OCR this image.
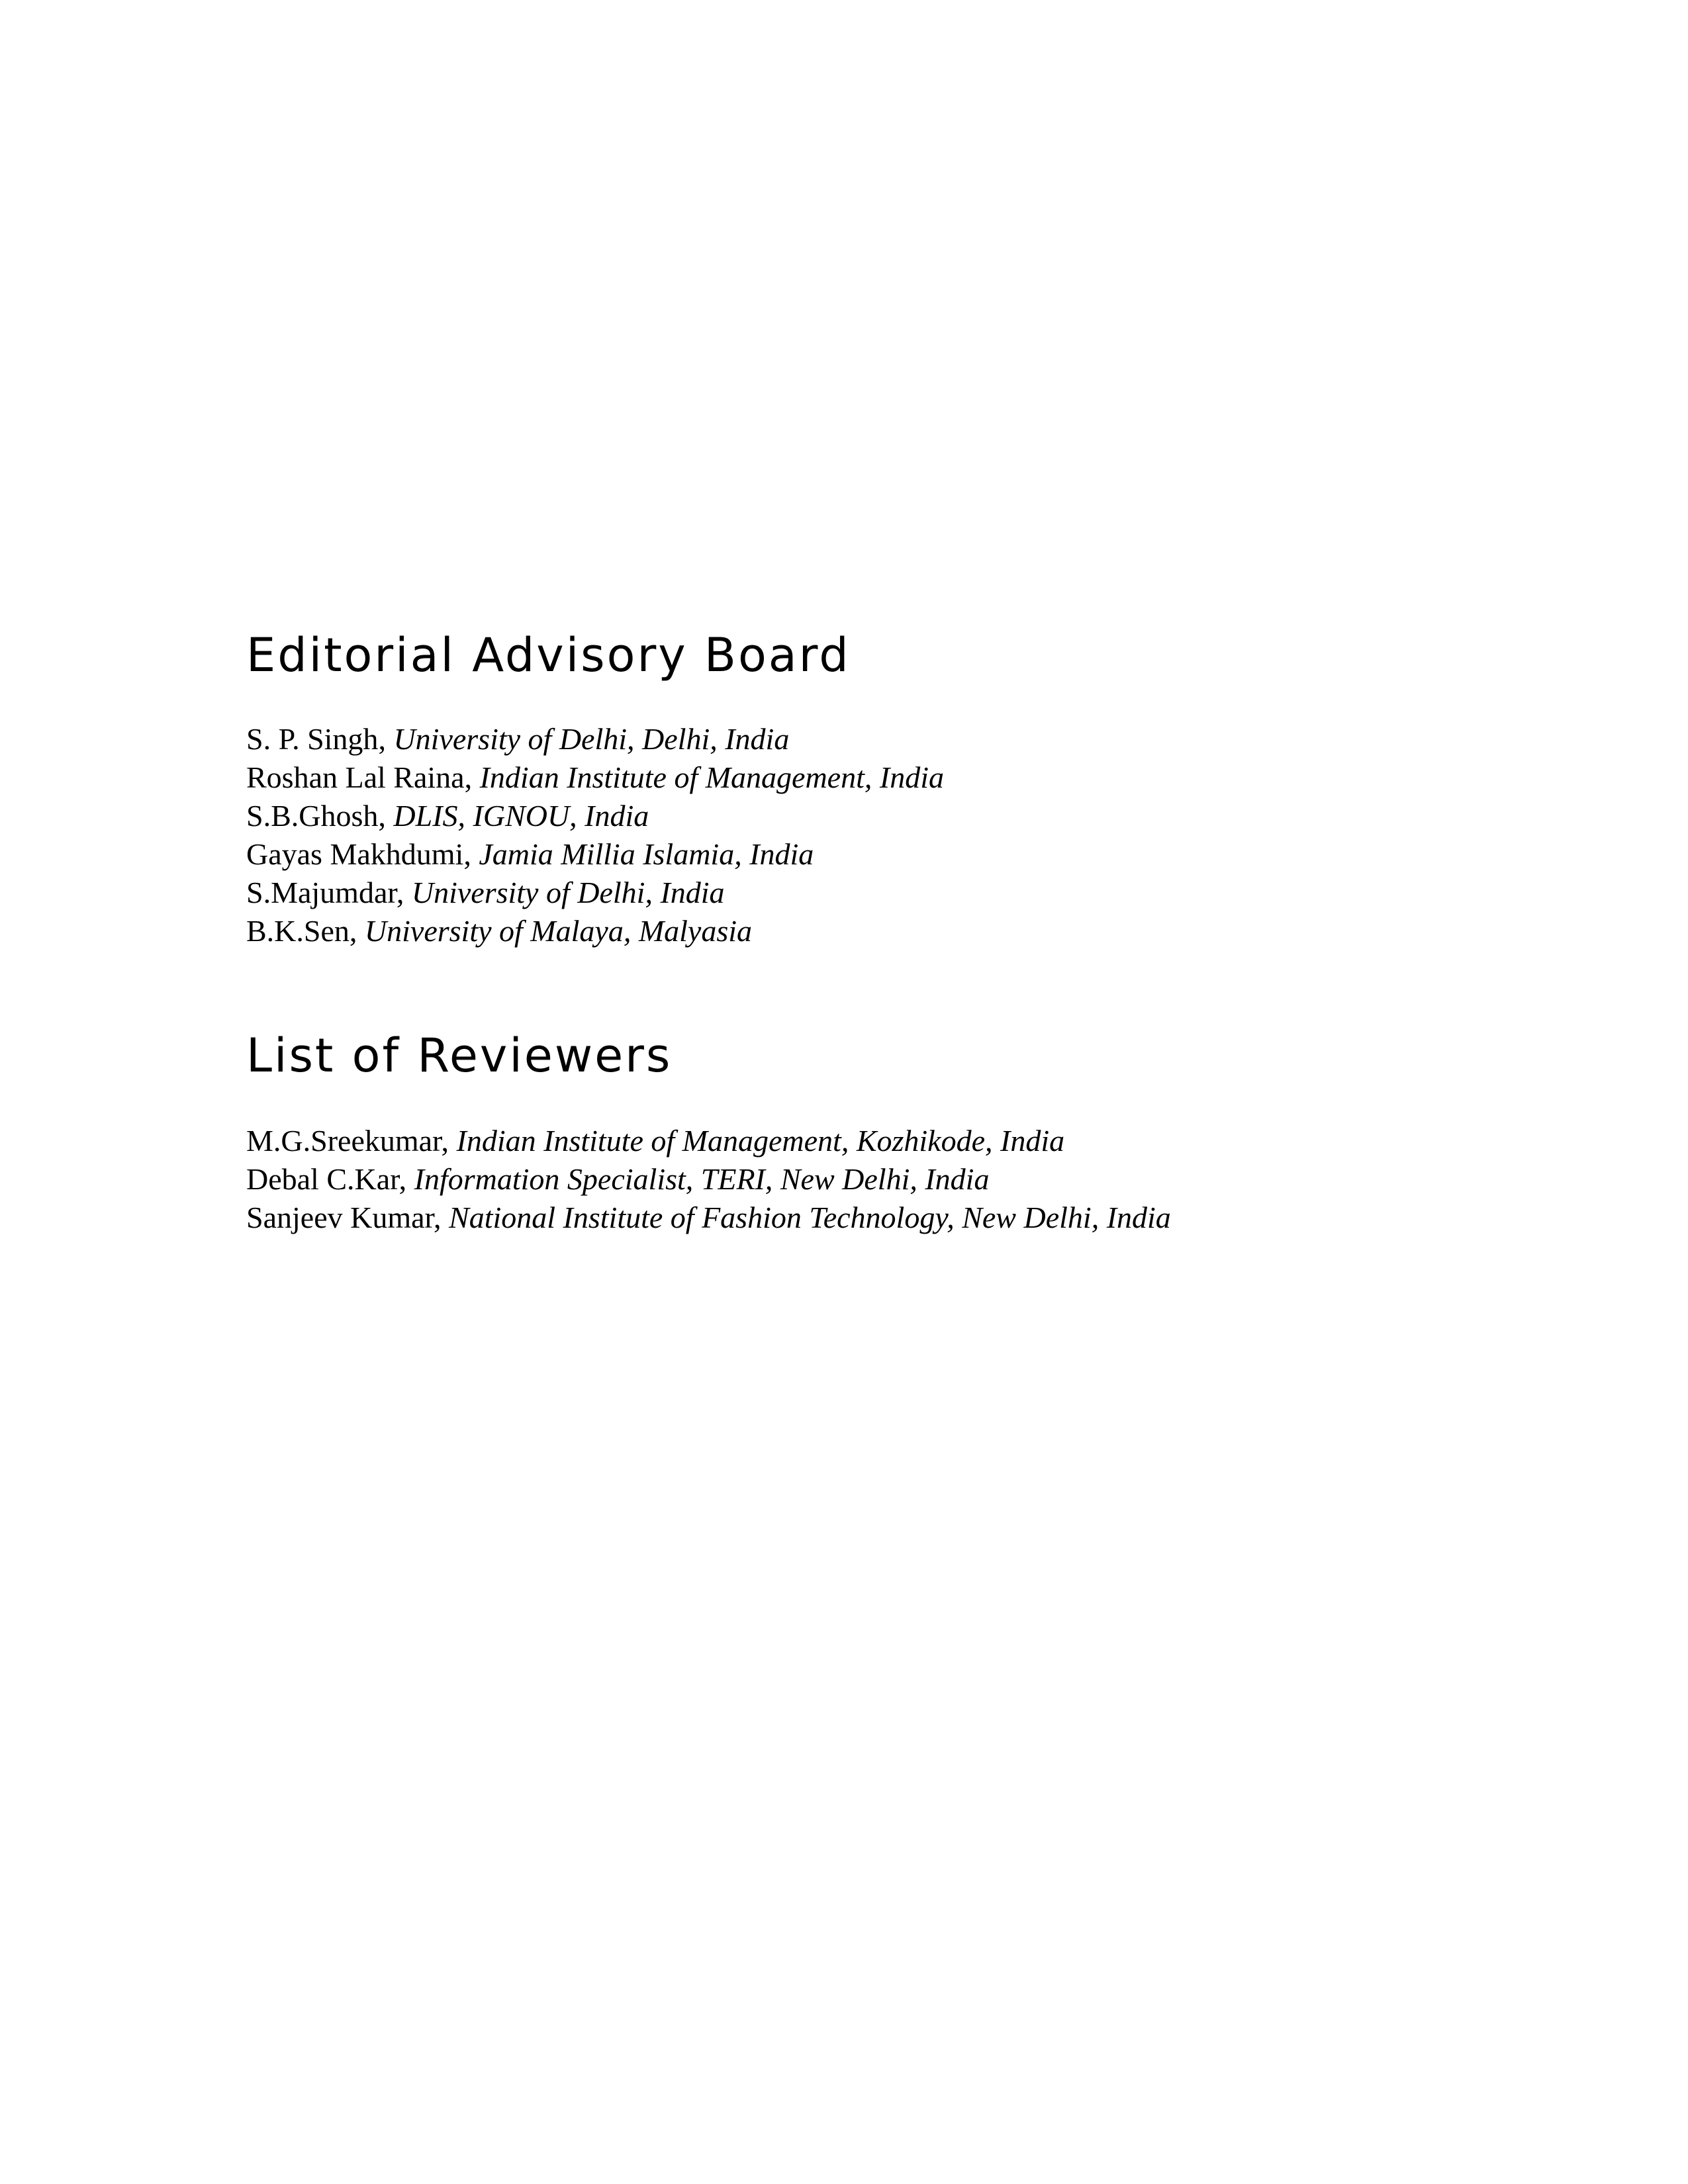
Editorial Advisory Board
S. P. Singh, University of Delhi, Delhi, India
Roshan Lal Raina, Indian Institute of Management, India
S.B.Ghosh, DLIS, IGNOU, India
Gayas Makhdumi, Jamia Millia Islamia, India
S.Majumdar, University of Delhi, India
B.K.Sen, University of Malaya, Malyasia
List of Reviewers
M.G.Sreekumar, Indian Institute of Management, Kozhikode, India
Debal C.Kar, Information Specialist, TERI, New Delhi, India
Sanjeev Kumar, National Institute of Fashion Technology, New Delhi, India
